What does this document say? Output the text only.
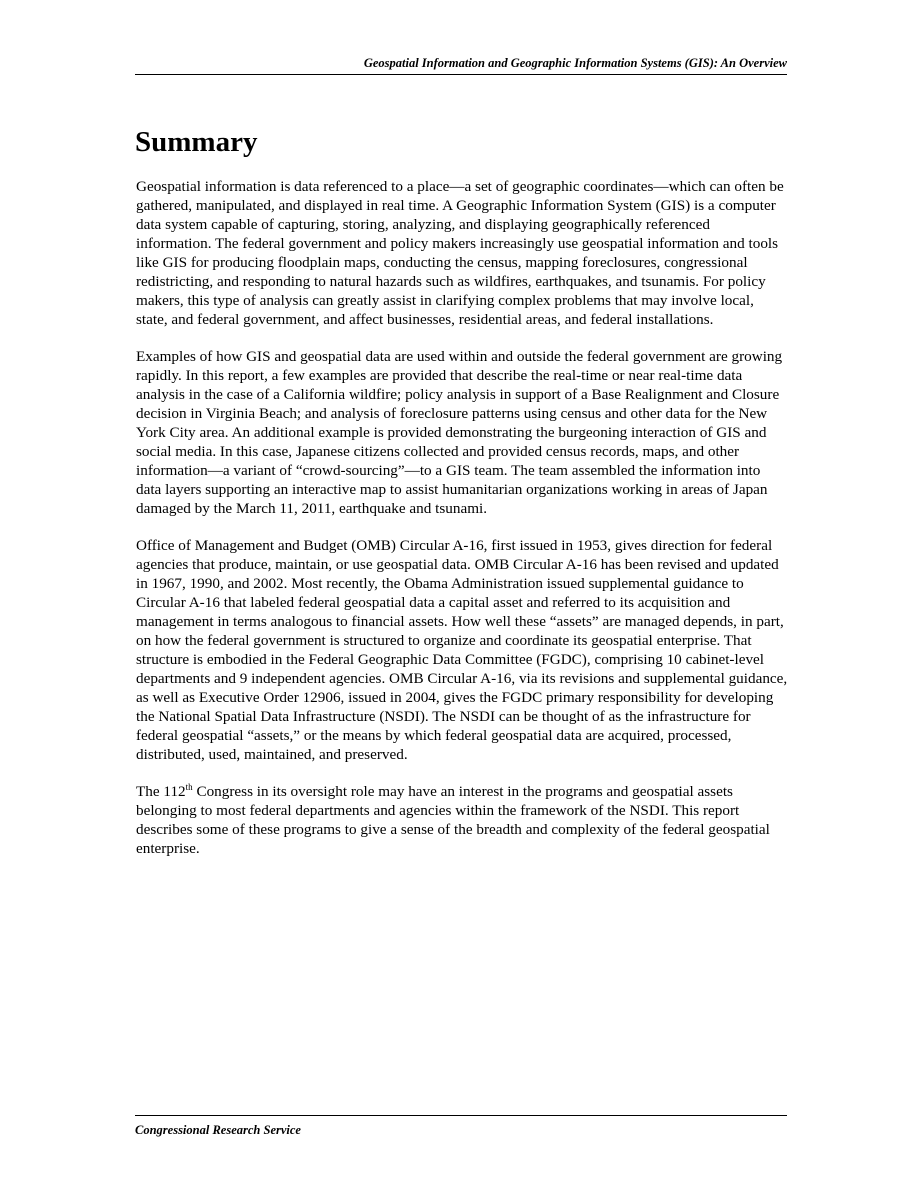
Geospatial Information and Geographic Information Systems (GIS): An Overview
Summary

Geospatial information is data referenced to a place—a set of geographic coordinates—which can often be gathered, manipulated, and displayed in real time. A Geographic Information System (GIS) is a computer data system capable of capturing, storing, analyzing, and displaying geographically referenced information. The federal government and policy makers increasingly use geospatial information and tools like GIS for producing floodplain maps, conducting the census, mapping foreclosures, congressional redistricting, and responding to natural hazards such as wildfires, earthquakes, and tsunamis. For policy makers, this type of analysis can greatly assist in clarifying complex problems that may involve local, state, and federal government, and affect businesses, residential areas, and federal installations.

Examples of how GIS and geospatial data are used within and outside the federal government are growing rapidly. In this report, a few examples are provided that describe the real-time or near real-time data analysis in the case of a California wildfire; policy analysis in support of a Base Realignment and Closure decision in Virginia Beach; and analysis of foreclosure patterns using census and other data for the New York City area. An additional example is provided demonstrating the burgeoning interaction of GIS and social media. In this case, Japanese citizens collected and provided census records, maps, and other information—a variant of “crowd-sourcing”—to a GIS team. The team assembled the information into data layers supporting an interactive map to assist humanitarian organizations working in areas of Japan damaged by the March 11, 2011, earthquake and tsunami.

Office of Management and Budget (OMB) Circular A-16, first issued in 1953, gives direction for federal agencies that produce, maintain, or use geospatial data. OMB Circular A-16 has been revised and updated in 1967, 1990, and 2002. Most recently, the Obama Administration issued supplemental guidance to Circular A-16 that labeled federal geospatial data a capital asset and referred to its acquisition and management in terms analogous to financial assets. How well these “assets” are managed depends, in part, on how the federal government is structured to organize and coordinate its geospatial enterprise. That structure is embodied in the Federal Geographic Data Committee (FGDC), comprising 10 cabinet-level departments and 9 independent agencies. OMB Circular A-16, via its revisions and supplemental guidance, as well as Executive Order 12906, issued in 2004, gives the FGDC primary responsibility for developing the National Spatial Data Infrastructure (NSDI). The NSDI can be thought of as the infrastructure for federal geospatial “assets,” or the means by which federal geospatial data are acquired, processed, distributed, used, maintained, and preserved.

The 112th Congress in its oversight role may have an interest in the programs and geospatial assets belonging to most federal departments and agencies within the framework of the NSDI. This report describes some of these programs to give a sense of the breadth and complexity of the federal geospatial enterprise.

Congressional Research Service
